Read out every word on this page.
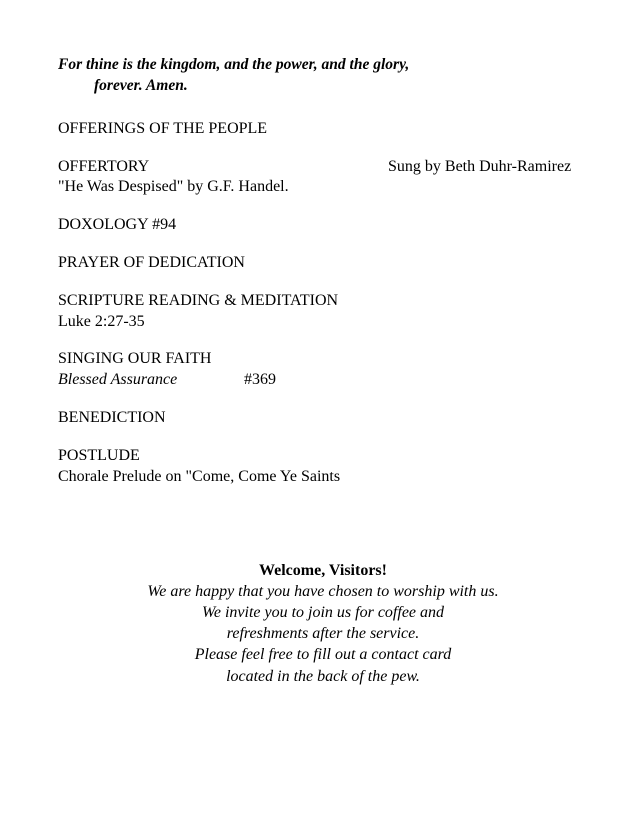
For thine is the kingdom, and the power, and the glory,
forever. Amen.
OFFERINGS OF THE PEOPLE
OFFERTORY	Sung by Beth Duhr-Ramirez
"He Was Despised" by G.F. Handel.
DOXOLOGY #94
PRAYER OF DEDICATION
SCRIPTURE READING & MEDITATION
Luke 2:27-35
SINGING OUR FAITH
Blessed Assurance	#369
BENEDICTION
POSTLUDE
Chorale Prelude on "Come, Come Ye Saints
Welcome, Visitors!
We are happy that you have chosen to worship with us.
We invite you to join us for coffee and
refreshments after the service.
Please feel free to fill out a contact card
located in the back of the pew.
